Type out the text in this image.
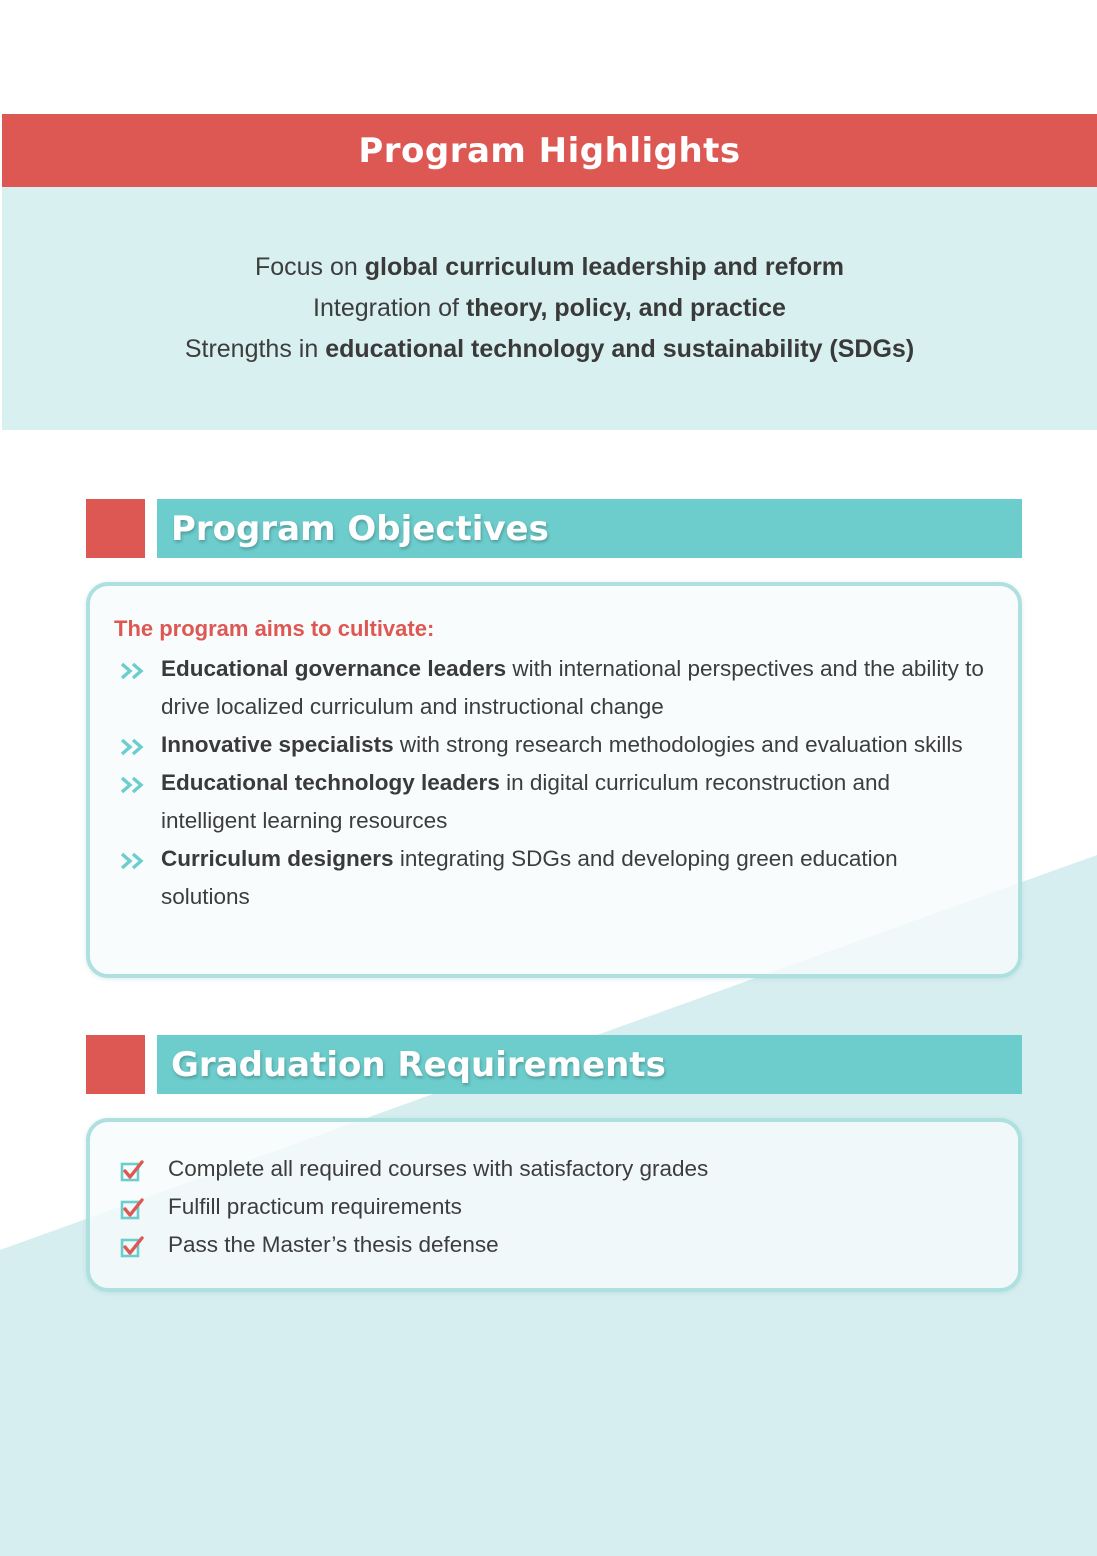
Program Highlights
Focus on global curriculum leadership and reform
Integration of theory, policy, and practice
Strengths in educational technology and sustainability (SDGs)
Program Objectives
The program aims to cultivate:
Educational governance leaders with international perspectives and the ability to drive localized curriculum and instructional change
Innovative specialists with strong research methodologies and evaluation skills
Educational technology leaders in digital curriculum reconstruction and intelligent learning resources
Curriculum designers integrating SDGs and developing green education solutions
Graduation Requirements
Complete all required courses with satisfactory grades
Fulfill practicum requirements
Pass the Master’s thesis defense
